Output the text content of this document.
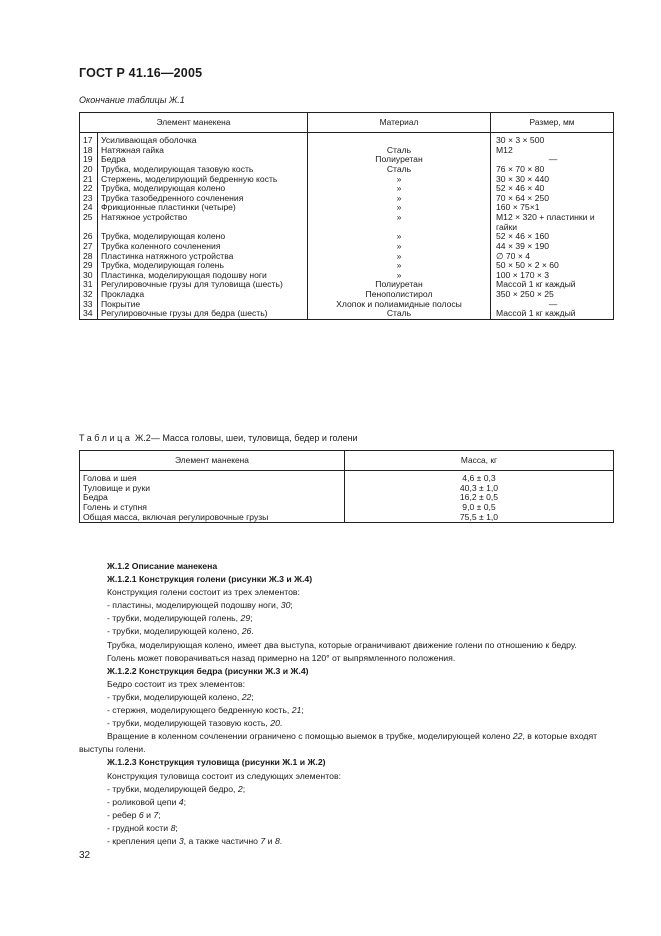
ГОСТ Р 41.16—2005
Окончание таблицы Ж.1
Элемент манекена		Материал	Размер, мм
17	Усиливающая оболочка		30 × 3 × 500
18	Натяжная гайка	Сталь	M12
19	Бедра	Полиуретан	—
20	Трубка, моделирующая тазовую кость	Сталь	76 × 70 × 80
21	Стержень, моделирующий бедренную кость	»	30 × 30 × 440
22	Трубка, моделирующая колено	»	52 × 46 × 40
23	Трубка тазобедренного сочленения	»	70 × 64 × 250
24	Фрикционные пластинки (четыре)	»	160 × 75×1
25	Натяжное устройство	»	M12 × 320 + пластинки и гайки
26	Трубка, моделирующая колено	»	52 × 46 × 160
27	Трубка коленного сочленения	»	44 × 39 × 190
28	Пластинка натяжного устройства	»	∅ 70 × 4
29	Трубка, моделирующая голень	»	50 × 50 × 2 × 60
30	Пластинка, моделирующая подошву ноги	»	100 × 170 × 3
31	Регулировочные грузы для туловища (шесть)	Полиуретан	Массой 1 кг каждый
32	Прокладка	Пенополистирол	350 × 250 × 25
33	Покрытие	Хлопок и полиамидные полосы	—
34	Регулировочные грузы для бедра (шесть)	Сталь	Массой 1 кг каждый
Таблица Ж.2— Масса головы, шеи, туловища, бедер и голени
Элемент манекена	Масса, кг
Голова и шея	4,6 ± 0,3
Туловище и руки	40,3 ± 1,0
Бедра	16,2 ± 0,5
Голень и ступня	9,0 ± 0,5
Общая масса, включая регулировочные грузы	75,5 ± 1,0

Ж.1.2 Описание манекена

Ж.1.2.1 Конструкция голени (рисунки Ж.3 и Ж.4)

Конструкция голени состоит из трех элементов:

- пластины, моделирующей подошву ноги, 30;

- трубки, моделирующей голень, 29;

- трубки, моделирующей колено, 26.

Трубка, моделирующая колено, имеет два выступа, которые ограничивают движение голени по отношению к бедру.

Голень может поворачиваться назад примерно на 120° от выпрямленного положения.

Ж.1.2.2 Конструкция бедра (рисунки Ж.3 и Ж.4)

Бедро состоит из трех элементов:

- трубки, моделирующей колено, 22;

- стержня, моделирующего бедренную кость, 21;

- трубки, моделирующей тазовую кость, 20.

Вращение в коленном сочленении ограничено с помощью выемок в трубке, моделирующей колено 22, в которые входят выступы голени.

Ж.1.2.3 Конструкция туловища (рисунки Ж.1 и Ж.2)

Конструкция туловища состоит из следующих элементов:

- трубки, моделирующей бедро, 2;

- роликовой цепи 4;

- ребер 6 и 7;

- грудной кости 8;

- крепления цепи 3, а также частично 7 и 8.

32
